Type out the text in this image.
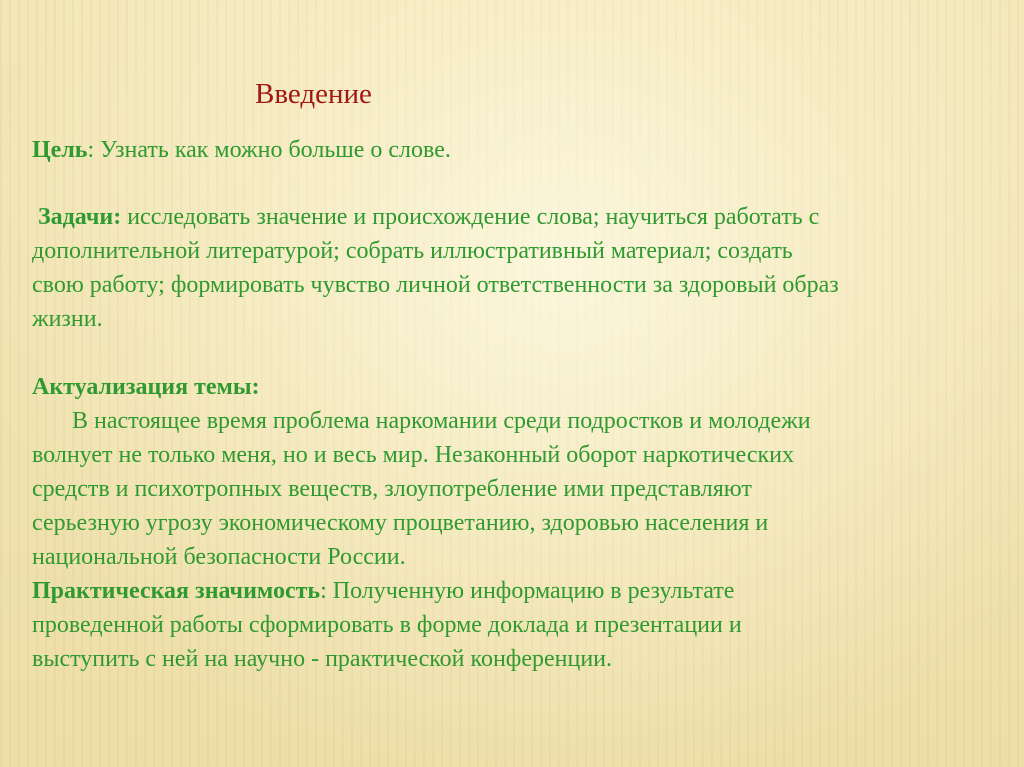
Введение
Цель: Узнать как можно больше о слове.
Задачи: исследовать значение и происхождение слова; научиться работать с
дополнительной литературой; собрать иллюстративный материал; создать
свою работу; формировать чувство личной ответственности за здоровый образ
жизни.
Актуализация темы:
В настоящее время проблема наркомании среди подростков и молодежи
волнует не только меня, но и весь мир. Незаконный оборот наркотических
средств и психотропных веществ, злоупотребление ими представляют
серьезную угрозу экономическому процветанию, здоровью населения и
национальной безопасности России.
Практическая значимость: Полученную информацию в результате
проведенной работы сформировать в форме доклада и презентации и
выступить с ней на научно - практической конференции.
